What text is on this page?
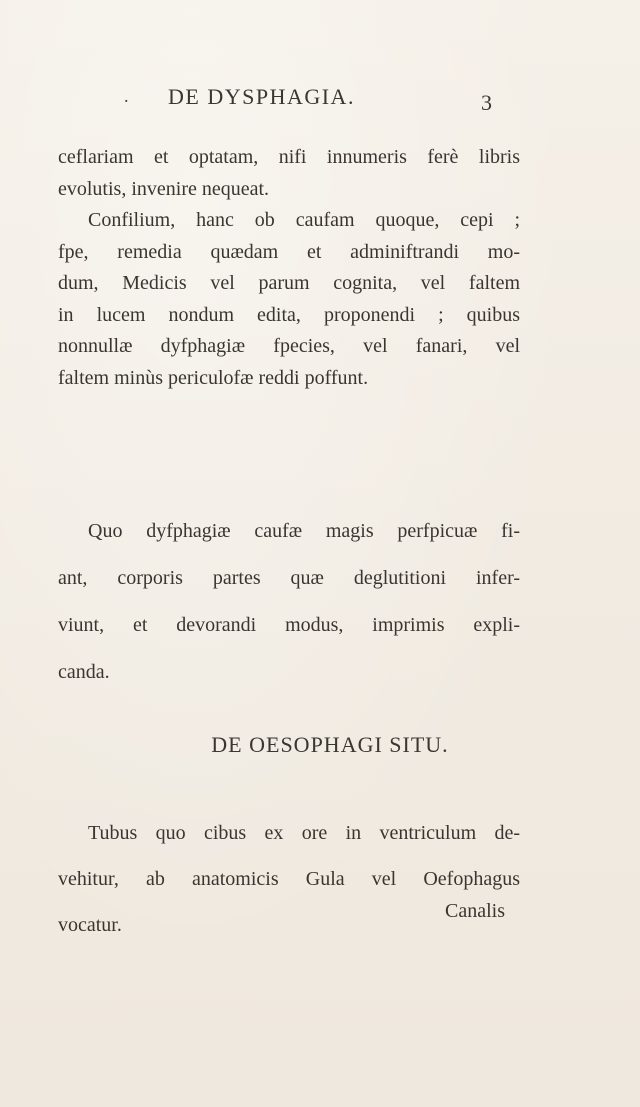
. DE DYSPHAGIA.	3
ceflariam et optatam, nifi innumeris ferè libris
evolutis, invenire nequeat.
Confilium, hanc ob caufam quoque, cepi ;
fpe, remedia quædam et adminiftrandi mo-
dum, Medicis vel parum cognita, vel faltem
in lucem nondum edita, proponendi ; quibus
nonnullæ dyfphagiæ fpecies, vel fanari, vel
faltem minùs periculofæ reddi poffunt.
Quo dyfphagiæ caufæ magis perfpicuæ fi-
ant, corporis partes quæ deglutitioni infer-
viunt, et devorandi modus, imprimis expli-
canda.
DE OESOPHAGI SITU.
Tubus quo cibus ex ore in ventriculum de-
vehitur, ab anatomicis Gula vel Oefophagus
vocatur.
Canalis
